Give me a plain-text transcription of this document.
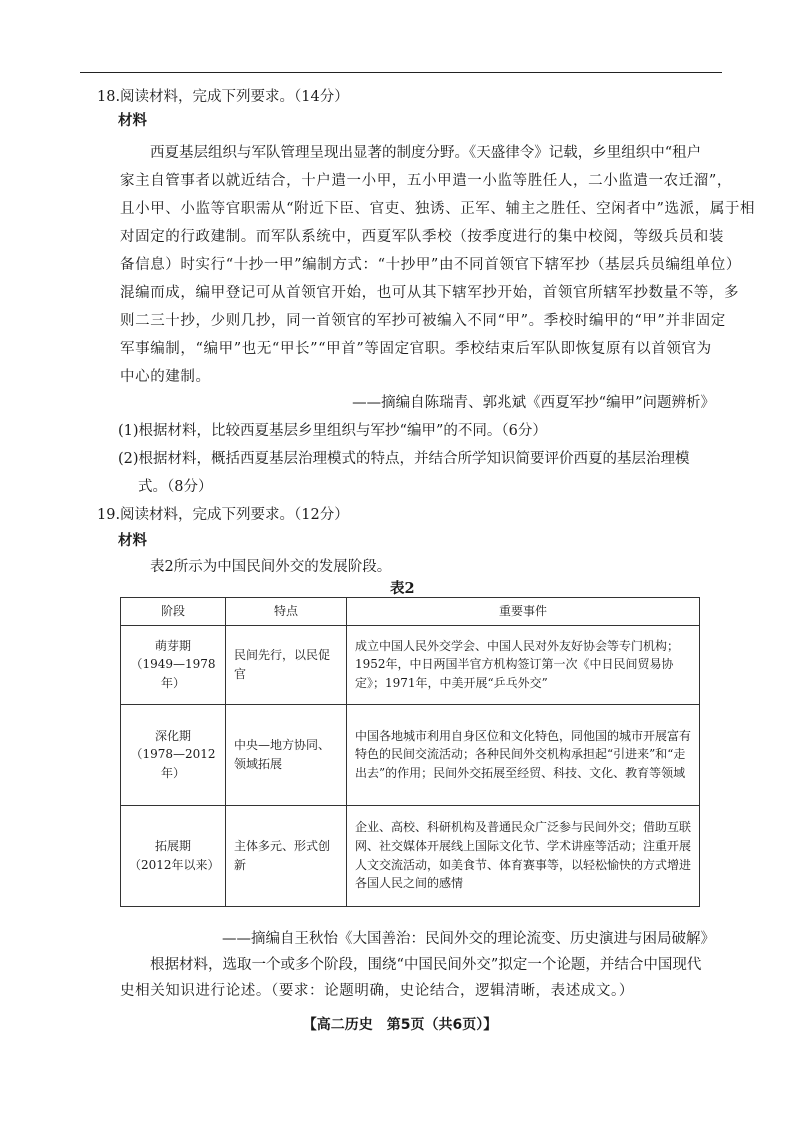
18.阅读材料，完成下列要求。（14分）
材料
西夏基层组织与军队管理呈现出显著的制度分野。《天盛律令》记载，乡里组织中“租户
家主自管事者以就近结合，十户遣一小甲，五小甲遣一小监等胜任人，二小监遣一农迁溜”，
且小甲、小监等官职需从“附近下臣、官吏、独诱、正军、辅主之胜任、空闲者中”选派，属于相
对固定的行政建制。而军队系统中，西夏军队季校（按季度进行的集中校阅，等级兵员和装
备信息）时实行“十抄一甲”编制方式：“十抄甲”由不同首领官下辖军抄（基层兵员编组单位）
混编而成，编甲登记可从首领官开始，也可从其下辖军抄开始，首领官所辖军抄数量不等，多
则二三十抄，少则几抄，同一首领官的军抄可被编入不同“甲”。季校时编甲的“甲”并非固定
军事编制，“编甲”也无“甲长”“甲首”等固定官职。季校结束后军队即恢复原有以首领官为
中心的建制。
——摘编自陈瑞青、郭兆斌《西夏军抄“编甲”问题辨析》
(1)根据材料，比较西夏基层乡里组织与军抄“编甲”的不同。（6分）
(2)根据材料，概括西夏基层治理模式的特点，并结合所学知识简要评价西夏的基层治理模
式。（8分）
19.阅读材料，完成下列要求。（12分）
材料
表2所示为中国民间外交的发展阶段。
表2
阶段	特点	重要事件

萌芽期
（1949—1978年）	民间先行，以民促官	成立中国人民外交学会、中国人民对外友好协会等专门机构；1952年，中日两国半官方机构签订第一次《中日民间贸易协定》；1971年，中美开展“乒乓外交”

深化期
（1978—2012年）	中央—地方协同、领域拓展	中国各地城市利用自身区位和文化特色，同他国的城市开展富有特色的民间交流活动；各种民间外交机构承担起“引进来”和“走出去”的作用；民间外交拓展至经贸、科技、文化、教育等领域

拓展期
（2012年以来）	主体多元、形式创新	企业、高校、科研机构及普通民众广泛参与民间外交；借助互联网、社交媒体开展线上国际文化节、学术讲座等活动；注重开展人文交流活动，如美食节、体育赛事等，以轻松愉快的方式增进各国人民之间的感情
——摘编自王秋怡《大国善治：民间外交的理论流变、历史演进与困局破解》
根据材料，选取一个或多个阶段，围绕“中国民间外交”拟定一个论题，并结合中国现代
史相关知识进行论述。（要求：论题明确，史论结合，逻辑清晰，表述成文。）
【高二历史　第5页（共6页）】
